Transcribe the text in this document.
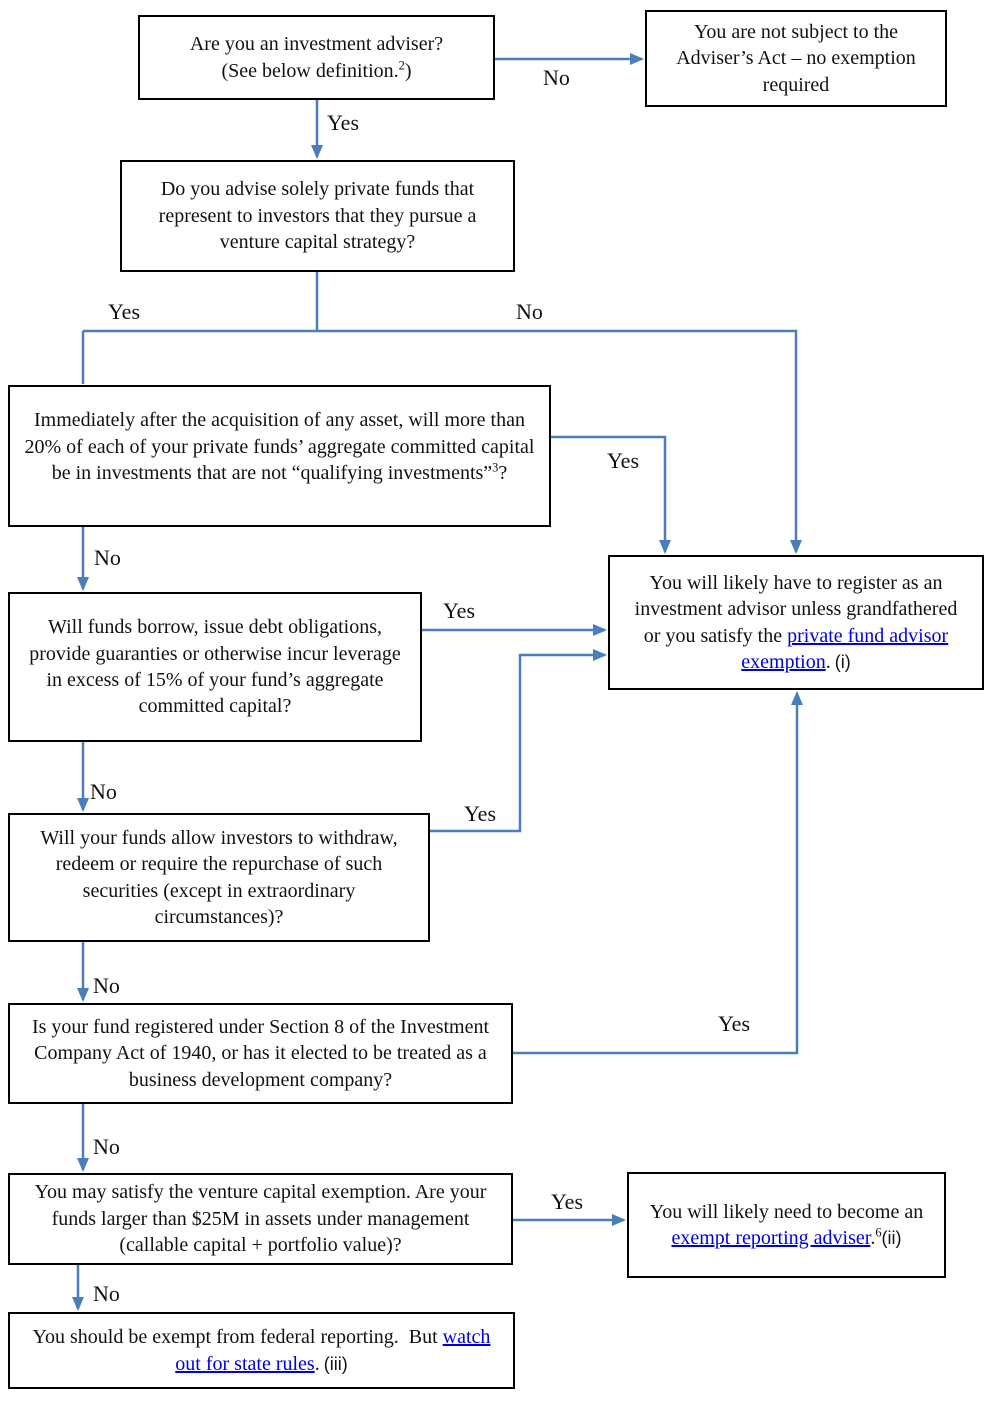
Are you an investment adviser?
(See below definition.$^2$)
You are not subject to the Adviser’s Act – no exemption required
Do you advise solely private funds that represent to investors that they pursue a venture capital strategy?
Immediately after the acquisition of any asset, will more than 20% of each of your private funds’ aggregate committed capital be in investments that are not “qualifying investments”$^3$?
Will funds borrow, issue debt obligations, provide guaranties or otherwise incur leverage in excess of 15% of your fund’s aggregate committed capital?
Will your funds allow investors to withdraw, redeem or require the repurchase of such securities (except in extraordinary circumstances)?
Is your fund registered under Section 8 of the Investment Company Act of 1940, or has it elected to be treated as a business development company?
You may satisfy the venture capital exemption. Are your funds larger than $25M in assets under management (callable capital + portfolio value)?
You will likely have to register as an investment advisor unless grandfathered or you satisfy the private fund advisor exemption. (i)
You will likely need to become an exempt reporting adviser.$^6$(ii)
You should be exempt from federal reporting.  But watch out for state rules. (iii)
Yes
No
Yes	No
Yes
No
Yes
No
Yes
No
Yes
No
Yes
No
